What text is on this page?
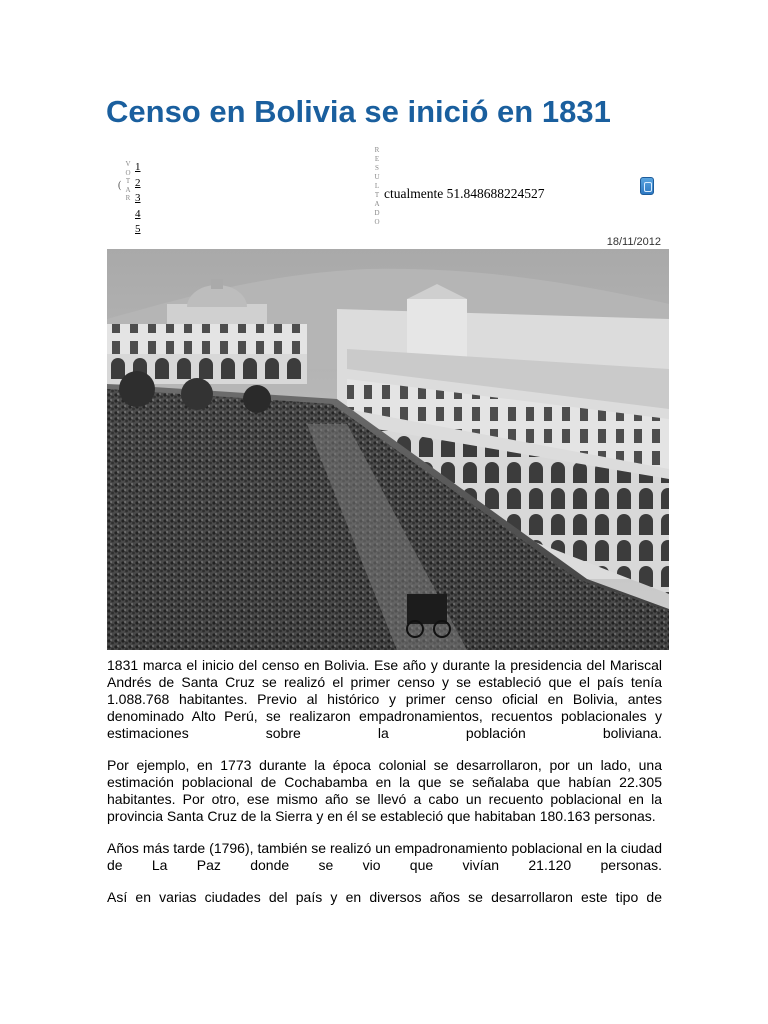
Censo en Bolivia se inició en 1831
V
O
T
A
R
(
1
2
3
4
5
R
E
S
U
L
T
A
D
O
ctualmente 51.848688224527
18/11/2012

1831 marca el inicio del censo en Bolivia. Ese año y durante la presidencia del Mariscal Andrés de Santa Cruz se realizó el primer censo y se estableció que el país tenía 1.088.768 habitantes. Previo al histórico y primer censo oficial en Bolivia, antes denominado Alto Perú, se realizaron empadronamientos, recuentos poblacionales y estimaciones sobre la población boliviana.

Por ejemplo, en 1773 durante la época colonial se desarrollaron, por un lado, una estimación poblacional de Cochabamba en la que se señalaba que habían 22.305 habitantes. Por otro, ese mismo año se llevó a cabo un recuento poblacional en la provincia Santa Cruz de la Sierra y en él se estableció que habitaban 180.163 personas.

Años más tarde (1796), también se realizó un empadronamiento poblacional en la ciudad de La Paz donde se vio que vivían 21.120 personas.

Así en varias ciudades del país y en diversos años se desarrollaron este tipo de
